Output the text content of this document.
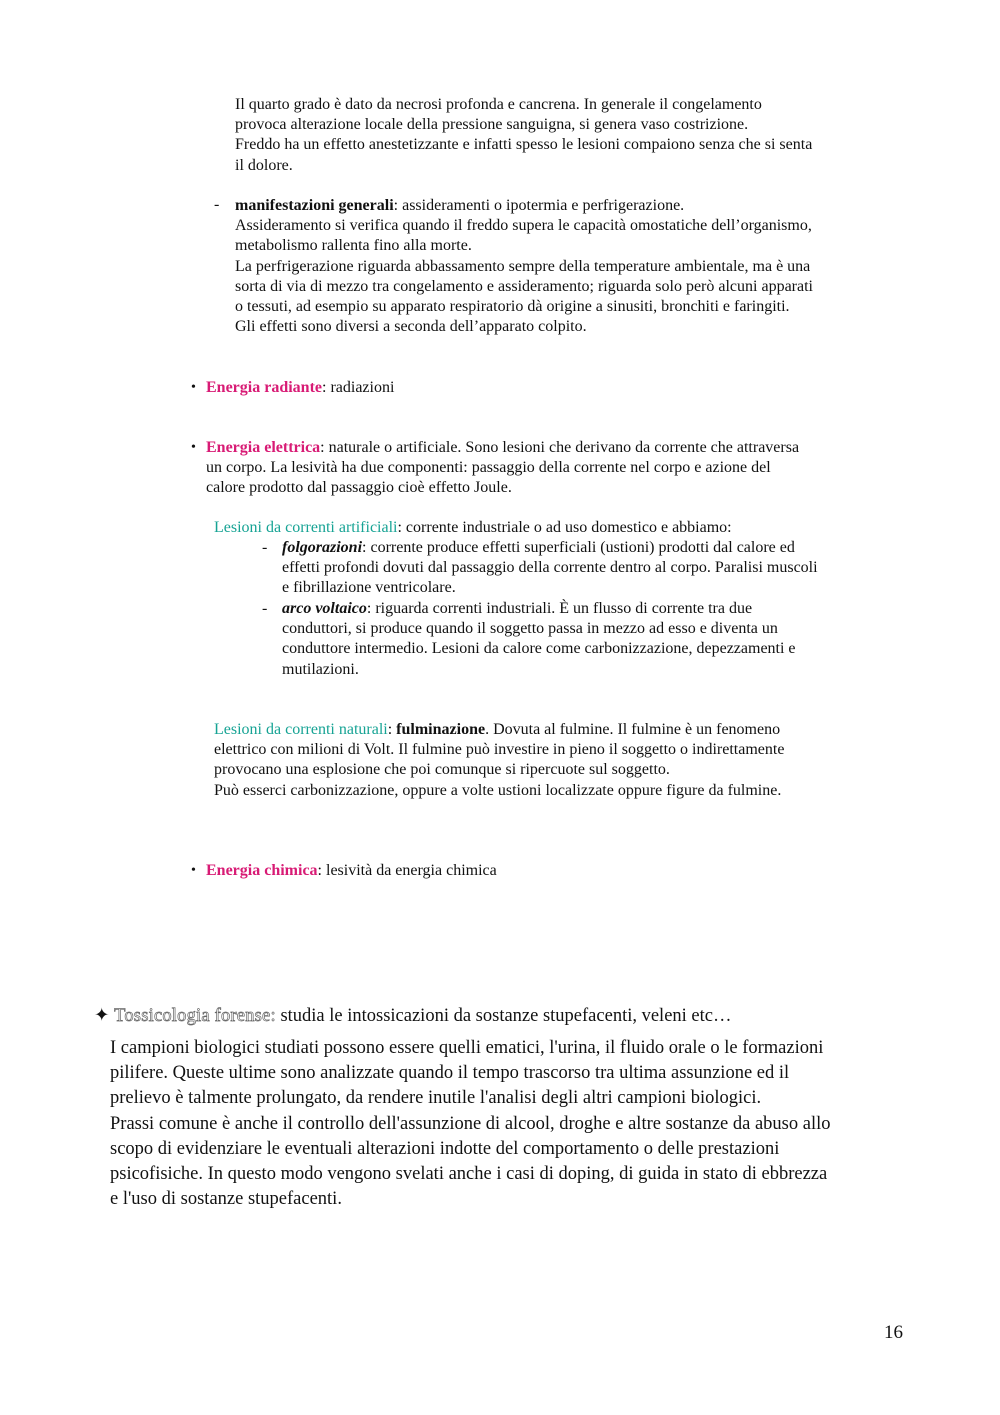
Il quarto grado è dato da necrosi profonda e cancrena. In generale il congelamento
provoca alterazione locale della pressione sanguigna, si genera vaso costrizione.
Freddo ha un effetto anestetizzante e infatti spesso le lesioni compaiono senza che si senta
il dolore.
- manifestazioni generali: assideramenti o ipotermia e perfrigerazione.
Assideramento si verifica quando il freddo supera le capacità omostatiche dell’organismo,
metabolismo rallenta fino alla morte.
La perfrigerazione riguarda abbassamento sempre della temperature ambientale, ma è una
sorta di via di mezzo tra congelamento e assideramento; riguarda solo però alcuni apparati
o tessuti, ad esempio su apparato respiratorio dà origine a sinusiti, bronchiti e faringiti.
Gli effetti sono diversi a seconda dell’apparato colpito.
• Energia radiante: radiazioni
• Energia elettrica: naturale o artificiale. Sono lesioni che derivano da corrente che attraversa
un corpo. La lesività ha due componenti: passaggio della corrente nel corpo e azione del
calore prodotto dal passaggio cioè effetto Joule.
Lesioni da correnti artificiali: corrente industriale o ad uso domestico e abbiamo:
- folgorazioni: corrente produce effetti superficiali (ustioni) prodotti dal calore ed
effetti profondi dovuti dal passaggio della corrente dentro al corpo. Paralisi muscoli
e fibrillazione ventricolare.
- arco voltaico: riguarda correnti industriali. È un flusso di corrente tra due
conduttori, si produce quando il soggetto passa in mezzo ad esso e diventa un
conduttore intermedio. Lesioni da calore come carbonizzazione, depezzamenti e
mutilazioni.
Lesioni da correnti naturali: fulminazione. Dovuta al fulmine. Il fulmine è un fenomeno
elettrico con milioni di Volt. Il fulmine può investire in pieno il soggetto o indirettamente
provocano una esplosione che poi comunque si ripercuote sul soggetto.
Può esserci carbonizzazione, oppure a volte ustioni localizzate oppure figure da fulmine.
• Energia chimica: lesività da energia chimica
✦ Tossicologia forense: studia le intossicazioni da sostanze stupefacenti, veleni etc…
I campioni biologici studiati possono essere quelli ematici, l'urina, il fluido orale o le formazioni
pilifere. Queste ultime sono analizzate quando il tempo trascorso tra ultima assunzione ed il
prelievo è talmente prolungato, da rendere inutile l'analisi degli altri campioni biologici.
Prassi comune è anche il controllo dell'assunzione di alcool, droghe e altre sostanze da abuso allo
scopo di evidenziare le eventuali alterazioni indotte del comportamento o delle prestazioni
psicofisiche. In questo modo vengono svelati anche i casi di doping, di guida in stato di ebbrezza
e l'uso di sostanze stupefacenti.
16
